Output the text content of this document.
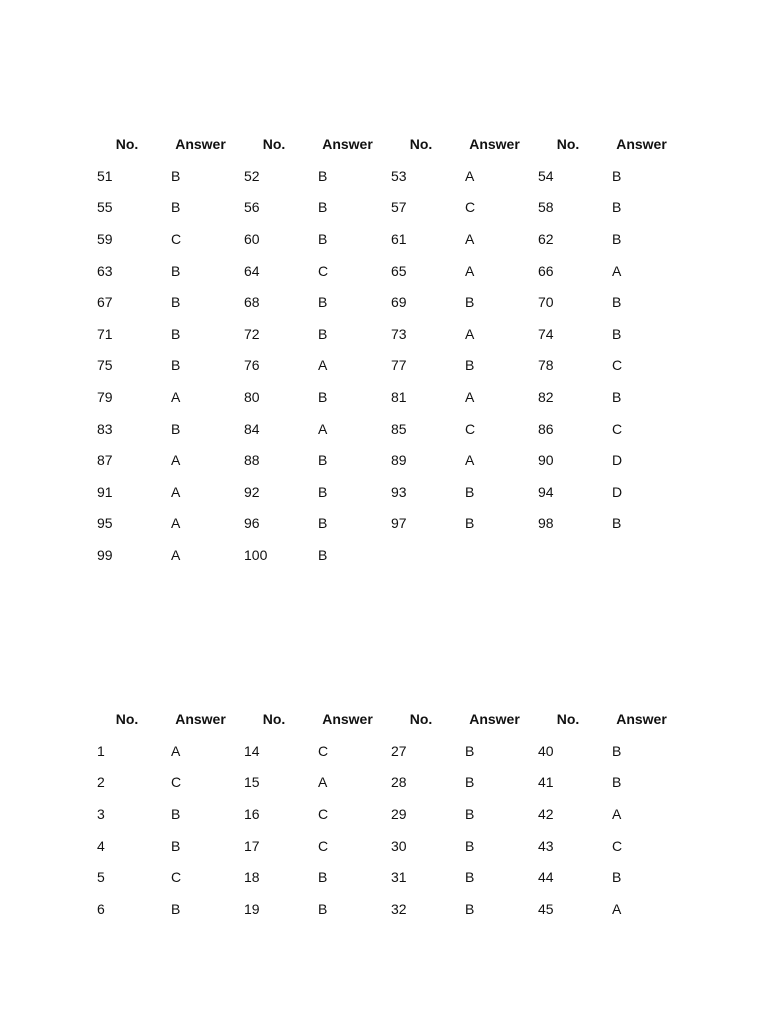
No.	Answer	No.	Answer	No.	Answer	No.	Answer
51	B	52	B	53	A	54	B
55	B	56	B	57	C	58	B
59	C	60	B	61	A	62	B
63	B	64	C	65	A	66	A
67	B	68	B	69	B	70	B
71	B	72	B	73	A	74	B
75	B	76	A	77	B	78	C
79	A	80	B	81	A	82	B
83	B	84	A	85	C	86	C
87	A	88	B	89	A	90	D
91	A	92	B	93	B	94	D
95	A	96	B	97	B	98	B
99	A	100	B				
No.	Answer	No.	Answer	No.	Answer	No.	Answer
1	A	14	C	27	B	40	B
2	C	15	A	28	B	41	B
3	B	16	C	29	B	42	A
4	B	17	C	30	B	43	C
5	C	18	B	31	B	44	B
6	B	19	B	32	B	45	A
